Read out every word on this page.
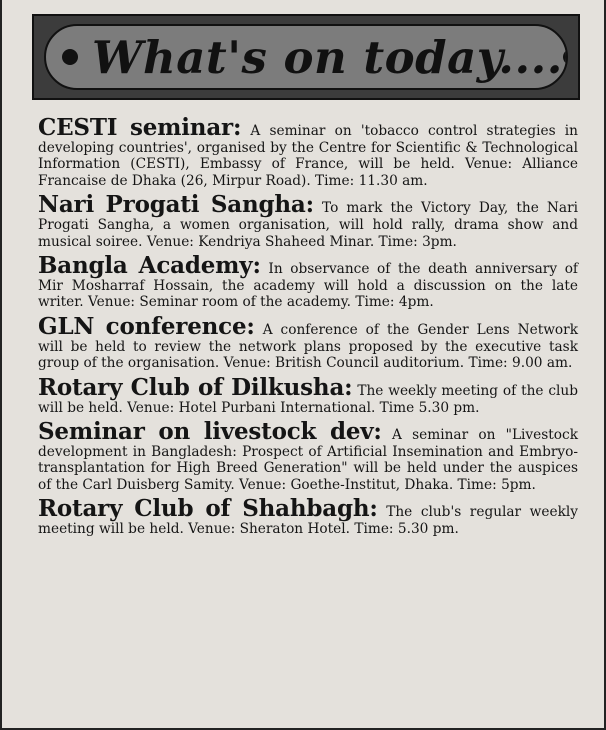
What's on today....

CESTI seminar: A seminar on 'tobacco control strategies in developing countries', organised by the Centre for Scientific & Technological Information (CESTI), Embassy of France, will be held. Venue: Alliance Francaise de Dhaka (26, Mirpur Road). Time: 11.30 am.

Nari Progati Sangha: To mark the Victory Day, the Nari Progati Sangha, a women organisation, will hold rally, drama show and musical soiree. Venue: Kendriya Shaheed Minar. Time: 3pm.

Bangla Academy: In observance of the death anniversary of Mir Mosharraf Hossain, the academy will hold a discussion on the late writer. Venue: Seminar room of the academy. Time: 4pm.

GLN conference: A conference of the Gender Lens Network will be held to review the network plans proposed by the executive task group of the organisation. Venue: British Council auditorium. Time: 9.00 am.

Rotary Club of Dilkusha: The weekly meeting of the club will be held. Venue: Hotel Purbani International. Time 5.30 pm.

Seminar on livestock dev: A seminar on "Livestock development in Bangladesh: Prospect of Artificial Insemination and Embryo-transplantation for High Breed Generation" will be held under the auspices of the Carl Duisberg Samity. Venue: Goethe-Institut, Dhaka. Time: 5pm.

Rotary Club of Shahbagh: The club's regular weekly meeting will be held. Venue: Sheraton Hotel. Time: 5.30 pm.
